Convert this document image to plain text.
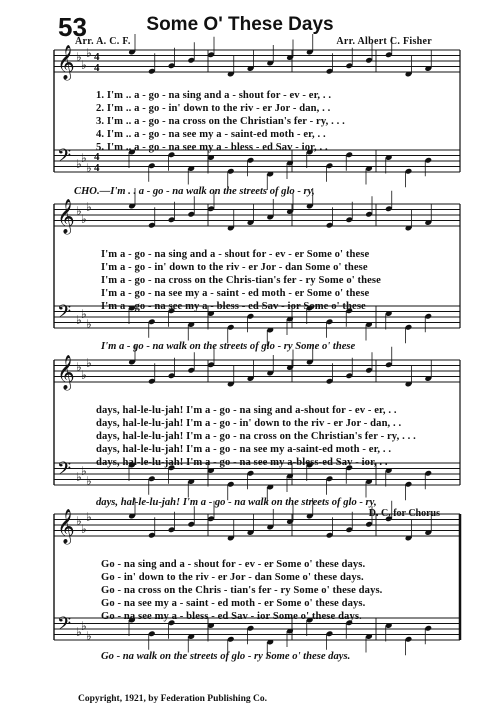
53	Some O' These Days
Arr. A. C. F.	Arr. Albert C. Fisher
𝄞 ♭
♭
♭ 4
4
𝄢 ♭ ♭
♭
4
4
𝄞 ♭
♭
♭
𝄢 ♭ ♭
♭
𝄞 ♭
♭
♭
𝄢 ♭ ♭
♭
𝄞 ♭
♭
♭
𝄢 ♭ ♭
♭
1. I'm .. a - go - na sing and a - shout for - ev - er, . .
2. I'm .. a - go - in' down to the riv - er Jor - dan, . .
3. I'm .. a - go - na cross on the Christian's fer - ry, . . .
4. I'm .. a - go - na see my a - saint-ed moth - er, . .
5. I'm .. a - go - na see my a - bless - ed Sav - ior, . .
CHO.—I'm . . a - go - na walk on the streets of glo - ry,
I'm a - go - na sing and a - shout for - ev - er Some o' these
I'm a - go - in' down to the riv - er Jor - dan Some o' these
I'm a - go - na cross on the Chris-tian's fer - ry Some o' these
I'm a - go - na see my a - saint - ed moth - er Some o' these
I'm a - go - na see my a - bless - ed Sav - ior Some o' these
I'm a - go - na walk on the streets of glo - ry Some o' these
days, hal-le-lu-jah! I'm a - go - na sing and a-shout for - ev - er, . .
days, hal-le-lu-jah! I'm a - go - in' down to the riv - er Jor - dan, . .
days, hal-le-lu-jah! I'm a - go - na cross on the Christian's fer - ry, . . .
days, hal-le-lu-jah! I'm a - go - na see my a-saint-ed moth - er, . .
days, hal-le-lu-jah! I'm a - go - na see my a-bless-ed Sav - ior, . .
days, hal-le-lu-jah! I'm a - go - na walk on the streets of glo - ry,
D. C. for Chorus
Go - na sing and a - shout for - ev - er Some o' these days.
Go - in' down to the riv - er Jor - dan Some o' these days.
Go - na cross on the Chris - tian's fer - ry Some o' these days.
Go - na see my a - saint - ed moth - er Some o' these days.
Go - na see my a - bless - ed Sav - ior Some o' these days.
Go - na walk on the streets of glo - ry Some o' these days.
Copyright, 1921, by Federation Publishing Co.
